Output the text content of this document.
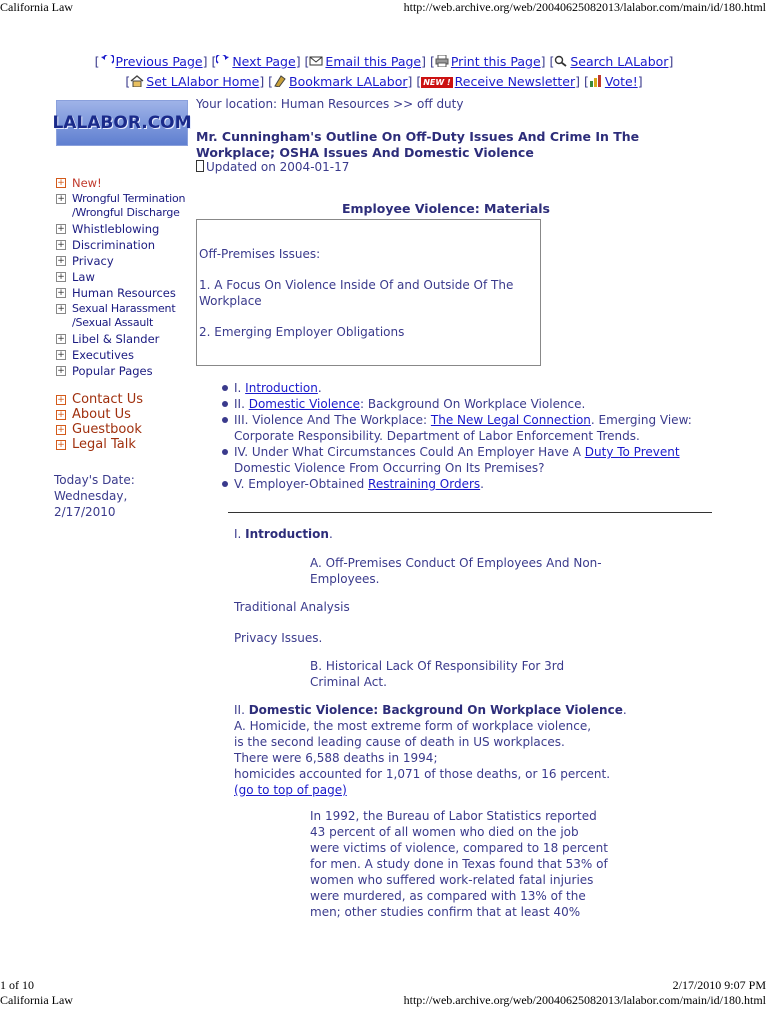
California Law	http://web.archive.org/web/20040625082013/lalabor.com/main/id/180.html
1 of 10	2/17/2010 9:07 PM
California Law	http://web.archive.org/web/20040625082013/lalabor.com/main/id/180.html
[ Previous Page] [ Next Page] [ Email this Page] [ Print this Page] [ Search LALabor]
[ Set LAlabor Home] [ Bookmark LALabor] [ NEW ! Receive Newsletter] [ Vote!]
LALABOR.COM
Your location: Human Resources >> off duty
Mr. Cunningham's Outline On Off-Duty Issues And Crime In The Workplace; OSHA Issues And Domestic Violence
Updated on 2004-01-17
+ New!
+ Wrongful Termination /Wrongful Discharge
+ Whistleblowing
+ Discrimination
+ Privacy
+ Law
+ Human Resources
+ Sexual Harassment /Sexual Assault
+ Libel & Slander
+ Executives
+ Popular Pages
+ Contact Us
+ About Us
+ Guestbook
+ Legal Talk
Today's Date:
Wednesday,
2/17/2010
Employee Violence: Materials

Off-Premises Issues:

1. A Focus On Violence Inside Of and Outside Of The Workplace

2. Emerging Employer Obligations

I. Introduction.
II. Domestic Violence: Background On Workplace Violence.
III. Violence And The Workplace: The New Legal Connection. Emerging View: Corporate Responsibility. Department of Labor Enforcement Trends.
IV. Under What Circumstances Could An Employer Have A Duty To Prevent Domestic Violence From Occurring On Its Premises?
V. Employer-Obtained Restraining Orders.
I. Introduction.
A. Off-Premises Conduct Of Employees And Non-Employees.
Traditional Analysis
Privacy Issues.
B. Historical Lack Of Responsibility For 3rd Criminal Act.
II. Domestic Violence: Background On Workplace Violence.
A. Homicide, the most extreme form of workplace violence,
is the second leading cause of death in US workplaces.
There were 6,588 deaths in 1994;
homicides accounted for 1,071 of those deaths, or 16 percent.
(go to top of page)
In 1992, the Bureau of Labor Statistics reported 43 percent of all women who died on the job were victims of violence, compared to 18 percent for men. A study done in Texas found that 53% of women who suffered work-related fatal injuries were murdered, as compared with 13% of the men; other studies confirm that at least 40%
